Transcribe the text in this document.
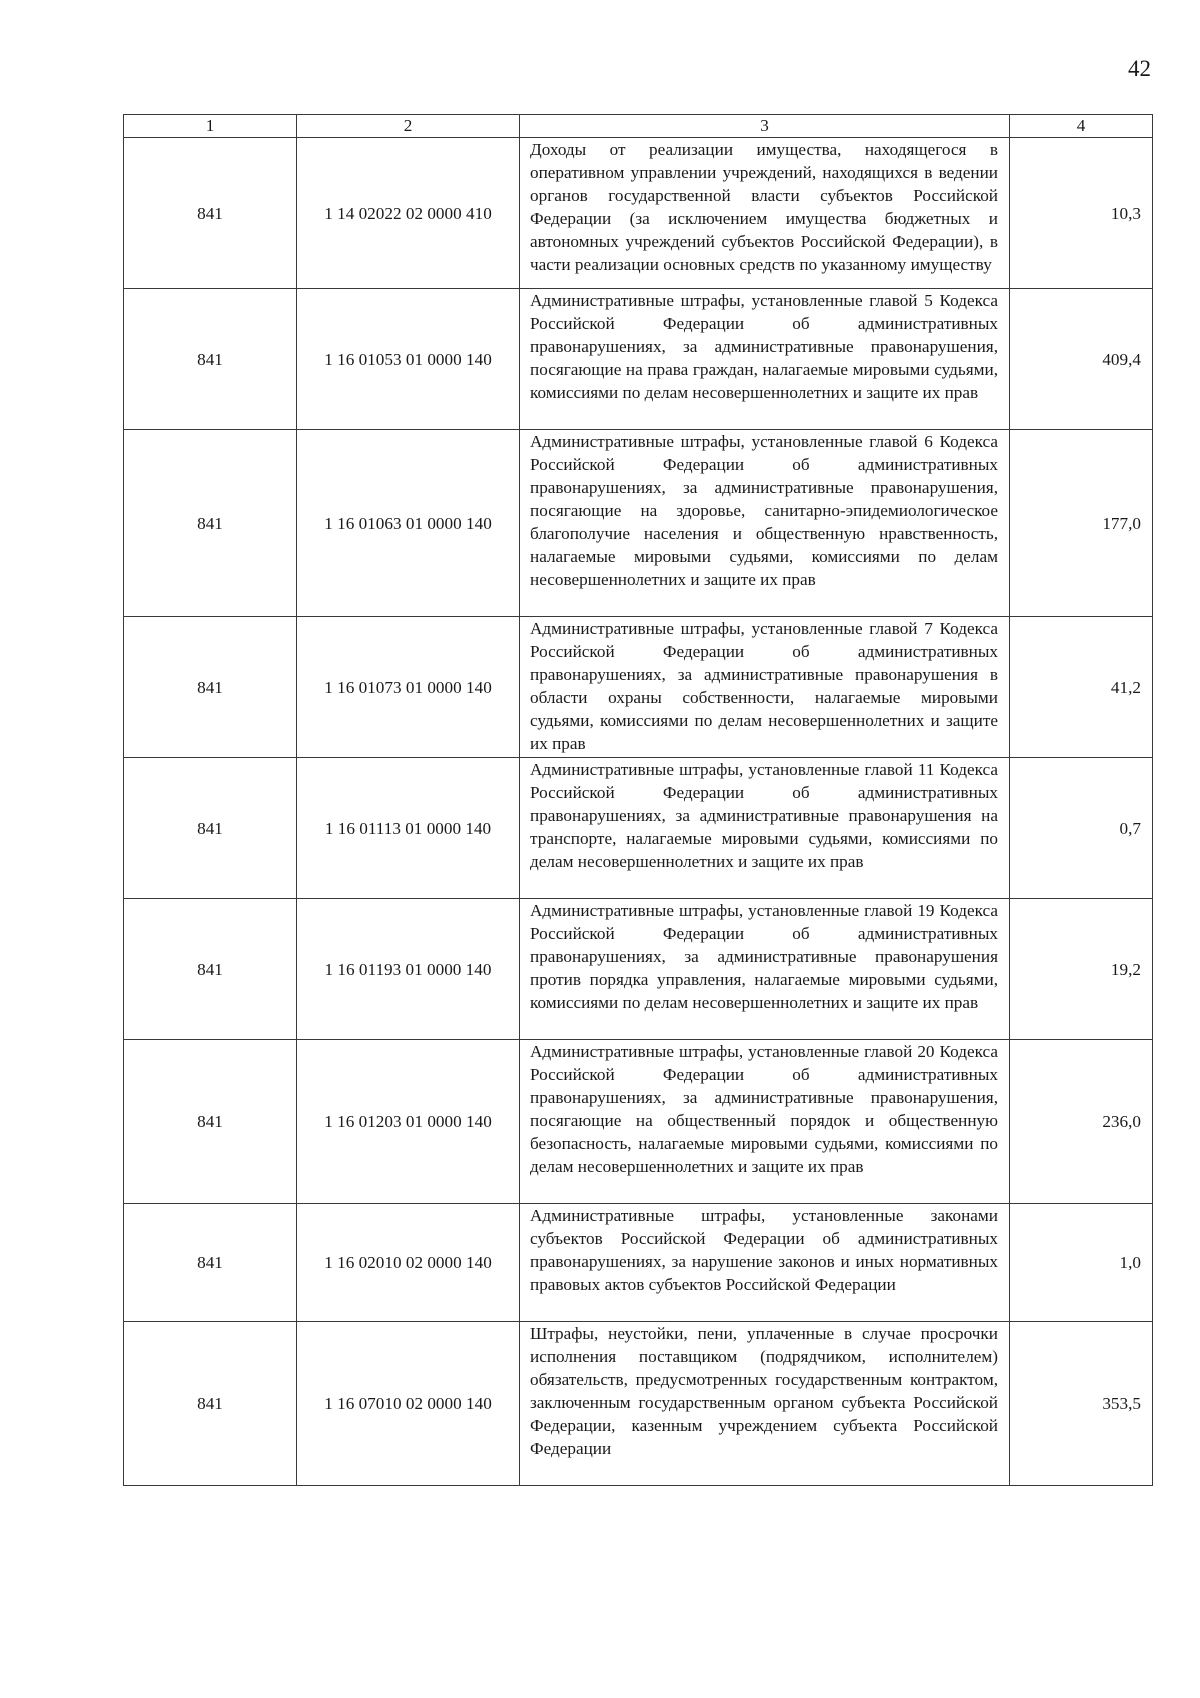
42
1	2	3	4
841	1 14 02022 02 0000 410	Доходы от реализации имущества, находящегося в оперативном управлении учреждений, находящихся в ведении органов государственной власти субъектов Российской Федерации (за исключением имущества бюджетных и автономных учреждений субъектов Российской Федерации), в части реализации основных средств по указанному имуществу	10,3
841	1 16 01053 01 0000 140	Административные штрафы, установленные главой 5 Кодекса Российской Федерации об административных правонарушениях, за административные правонарушения, посягающие на права граждан, налагаемые мировыми судьями, комиссиями по делам несовершеннолетних и защите их прав	409,4
841	1 16 01063 01 0000 140	Административные штрафы, установленные главой 6 Кодекса Российской Федерации об административных правонарушениях, за административные правонарушения, посягающие на здоровье, санитарно-эпидемиологическое благополучие населения и общественную нравственность, налагаемые мировыми судьями, комиссиями по делам несовершеннолетних и защите их прав	177,0
841	1 16 01073 01 0000 140	Административные штрафы, установленные главой 7 Кодекса Российской Федерации об административных правонарушениях, за административные правонарушения в области охраны собственности, налагаемые мировыми судьями, комиссиями по делам несовершеннолетних и защите их прав	41,2
841	1 16 01113 01 0000 140	Административные штрафы, установленные главой 11 Кодекса Российской Федерации об административных правонарушениях, за административные правонарушения на транспорте, налагаемые мировыми судьями, комиссиями по делам несовершеннолетних и защите их прав	0,7
841	1 16 01193 01 0000 140	Административные штрафы, установленные главой 19 Кодекса Российской Федерации об административных правонарушениях, за административные правонарушения против порядка управления, налагаемые мировыми судьями, комиссиями по делам несовершеннолетних и защите их прав	19,2
841	1 16 01203 01 0000 140	Административные штрафы, установленные главой 20 Кодекса Российской Федерации об административных правонарушениях, за административные правонарушения, посягающие на общественный порядок и общественную безопасность, налагаемые мировыми судьями, комиссиями по делам несовершеннолетних и защите их прав	236,0
841	1 16 02010 02 0000 140	Административные штрафы, установленные законами субъектов Российской Федерации об административных правонарушениях, за нарушение законов и иных нормативных правовых актов субъектов Российской Федерации	1,0
841	1 16 07010 02 0000 140	Штрафы, неустойки, пени, уплаченные в случае просрочки исполнения поставщиком (подрядчиком, исполнителем) обязательств, предусмотренных государственным контрактом, заключенным государственным органом субъекта Российской Федерации, казенным учреждением субъекта Российской Федерации	353,5
